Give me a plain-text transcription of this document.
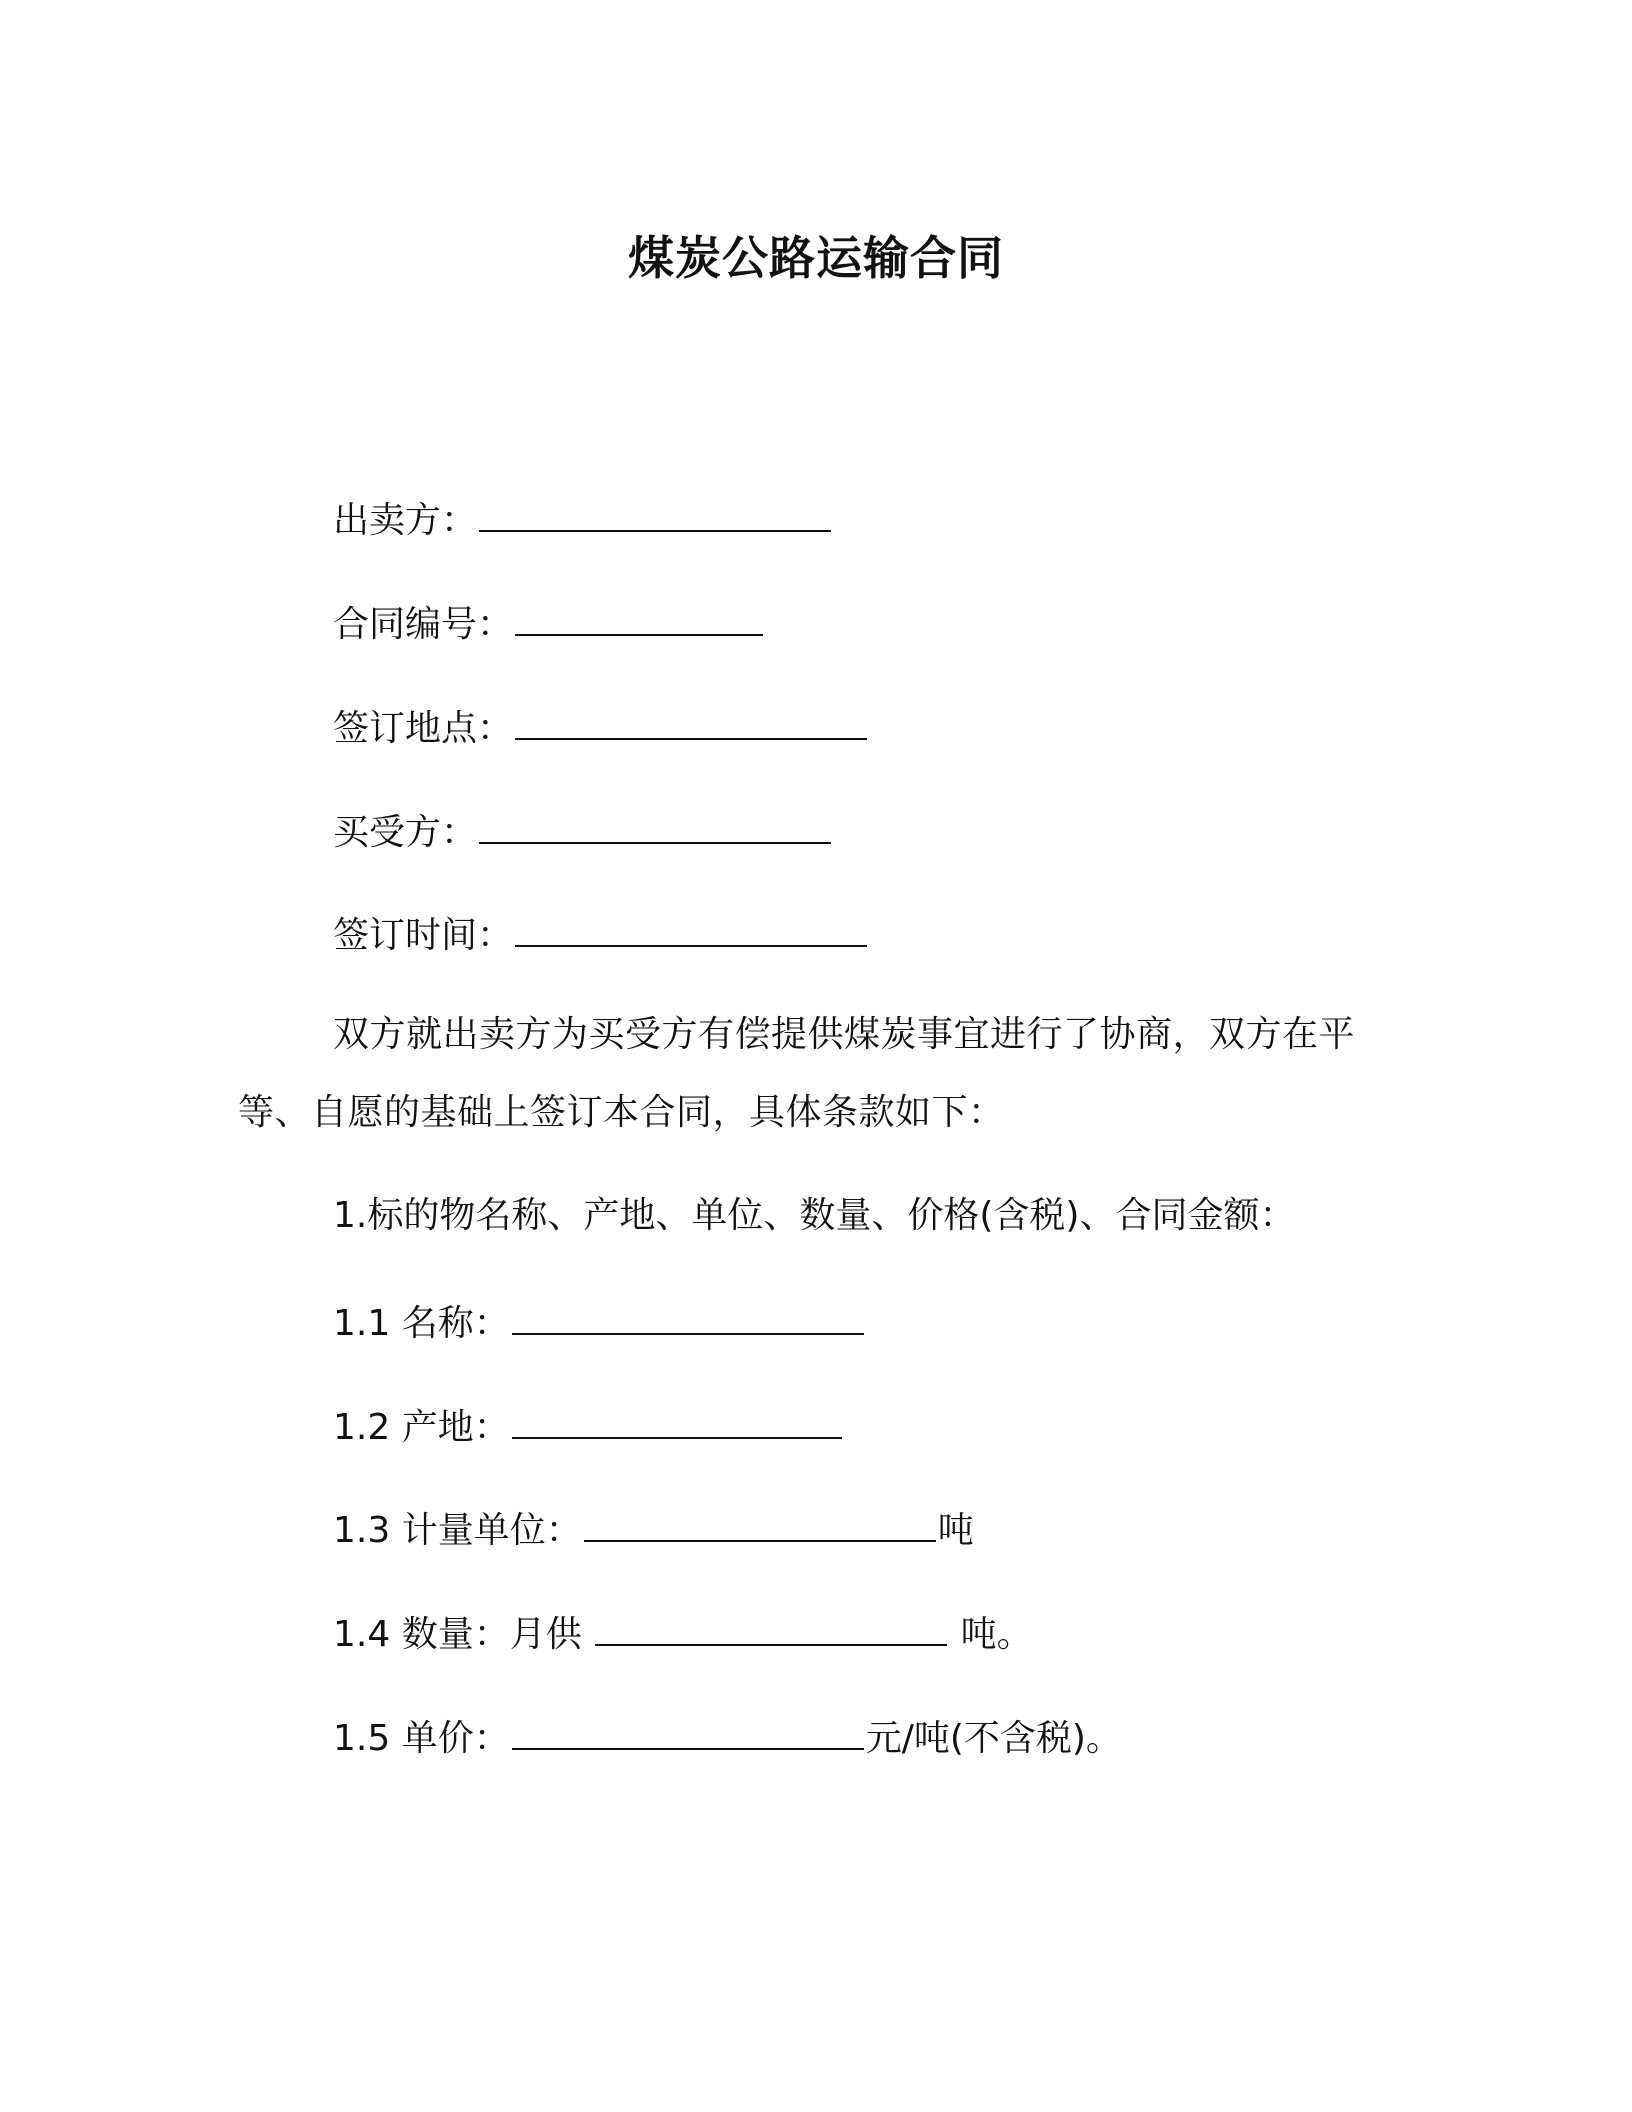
煤炭公路运输合同
出卖方：
合同编号：
签订地点：
买受方：
签订时间：
双方就出卖方为买受方有偿提供煤炭事宜进行了协商，双方在平等、自愿的基础上签订本合同，具体条款如下：
1.标的物名称、产地、单位、数量、价格(含税)、合同金额：
1.1 名称：
1.2 产地：
1.3 计量单位：	吨
1.4 数量：月供	吨。
1.5 单价：	元/吨(不含税)。
